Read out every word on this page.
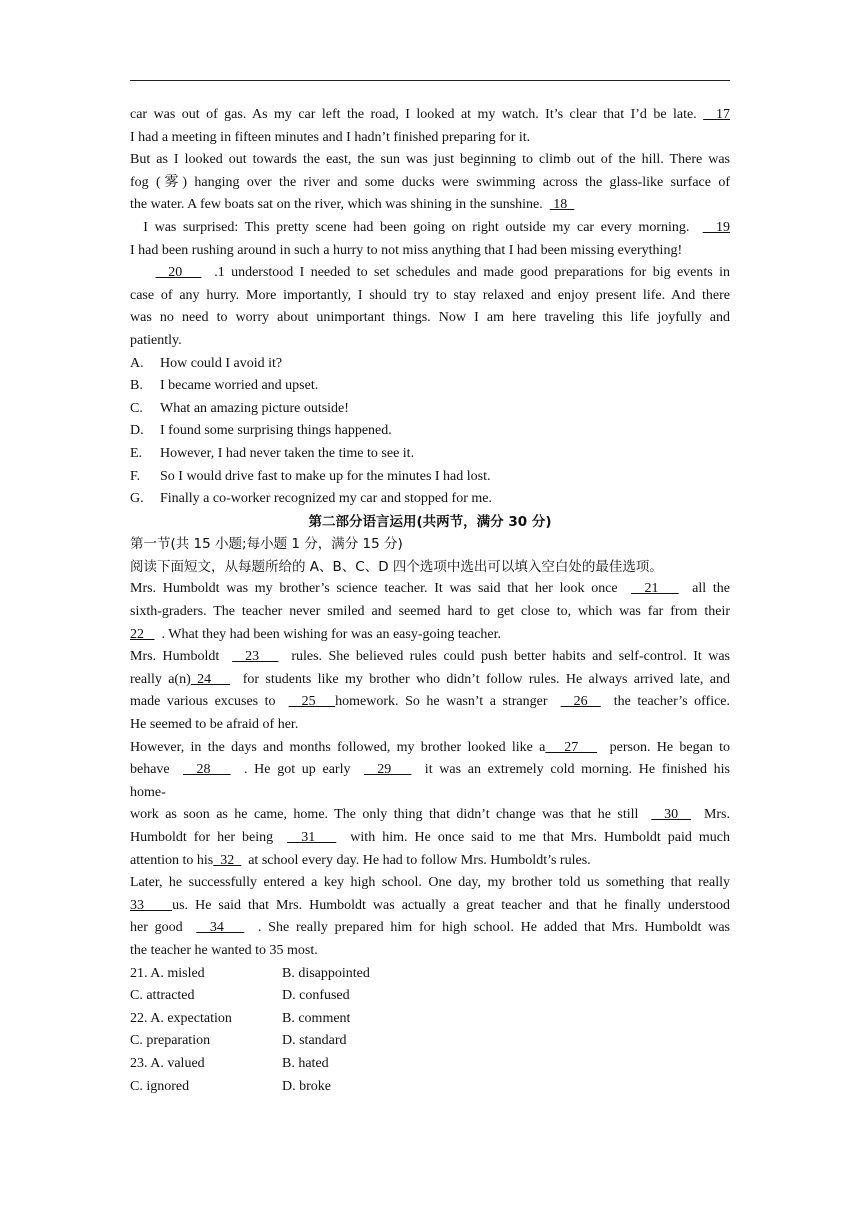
car was out of gas. As my car left the road, I looked at my watch. It’s clear that I’d be late.   17
I had a meeting in fifteen minutes and I hadn’t finished preparing for it.
But as I looked out towards the east, the sun was just beginning to climb out of the hill. There was
fog (雾) hanging over the river and some ducks were swimming across the glass-like surface of
the water. A few boats sat on the river, which was shining in the sunshine.   18
I was surprised: This pretty scene had been going on right outside my car every morning.    19
I had been rushing around in such a hurry to not miss anything that I had been missing everything!
20     .1 understood I needed to set schedules and made good preparations for big events in
case of any hurry. More importantly, I should try to stay relaxed and enjoy present life. And there
was no need to worry about unimportant things. Now I am here traveling this life joyfully and
patiently.
A. How could I avoid it?
B. I became worried and upset.
C. What an amazing picture outside!
D. I found some surprising things happened.
E. However, I had never taken the time to see it.
F. So I would drive fast to make up for the minutes I had lost.
G. Finally a co-worker recognized my car and stopped for me.
第二部分语言运用(共两节，满分 30 分)
第一节(共 15 小题;每小题 1 分，满分 15 分)
阅读下面短文，从每题所给的 A、B、C、D 四个选项中选出可以填入空白处的最佳选项。
Mrs. Humboldt was my brother’s science teacher. It was said that her look once    21     all the
sixth-graders. The teacher never smiled and seemed hard to get close to, which was far from their
22     . What they had been wishing for was an easy-going teacher.
Mrs. Humboldt    23     rules. She believed rules could push better habits and self-control. It was
really a(n) 24     for students like my brother who didn’t follow rules. He always arrived late, and
made various excuses to    25   homework. So he wasn’t a stranger    26    the teacher’s office.
He seemed to be afraid of her.
However, in the days and months followed, my brother looked like a   27     person. He began to
behave    28     . He got up early    29     it was an extremely cold morning. He finished his
home-
work as soon as he came, home. The only thing that didn’t change was that he still    30    Mrs.
Humboldt for her being    31     with him. He once said to me that Mrs. Humboldt paid much
attention to his  32    at school every day. He had to follow Mrs. Humboldt’s rules.
Later, he successfully entered a key high school. One day, my brother told us something that really
33    us. He said that Mrs. Humboldt was actually a great teacher and that he finally understood
her good    34     . She really prepared him for high school. He added that Mrs. Humboldt was
the teacher he wanted to 35 most.
21. A. misled	B. disappointed
C. attracted	D. confused
22. A. expectation	B. comment
C. preparation	D. standard
23. A. valued	B. hated
C. ignored	D. broke
